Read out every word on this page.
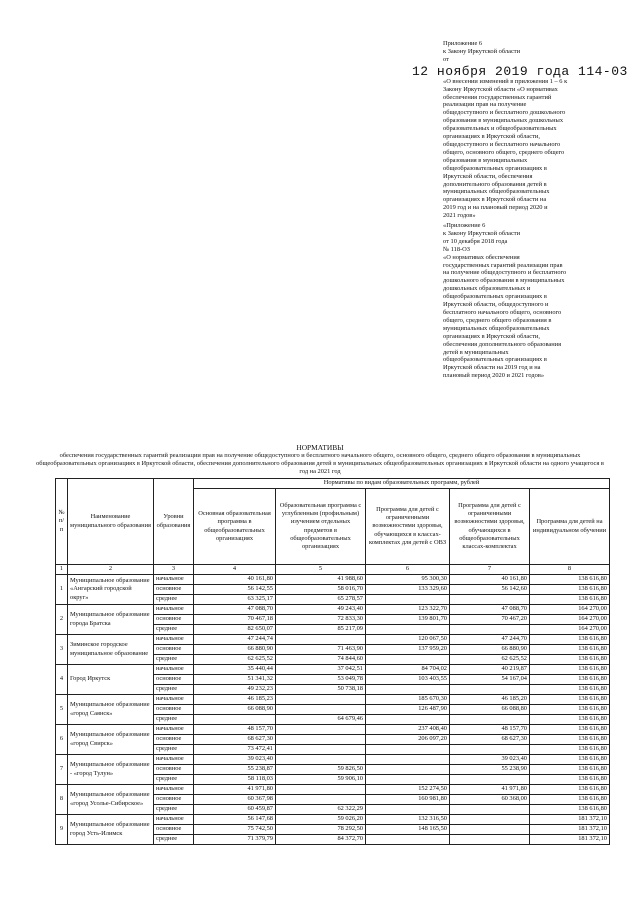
Приложение 6
к Закону Иркутской области
от
«О внесении изменений в приложения 1 – 6 к
Закону Иркутской области «О нормативах
обеспечения государственных гарантий
реализации прав на получение
общедоступного и бесплатного дошкольного
образования в муниципальных дошкольных
образовательных и общеобразовательных
организациях в Иркутской области,
общедоступного и бесплатного начального
общего, основного общего, среднего общего
образования в муниципальных
общеобразовательных организациях в
Иркутской области, обеспечения
дополнительного образования детей в
муниципальных общеобразовательных
организациях в Иркутской области на
2019 год и на плановый период 2020 и
2021 годов»
12 ноября 2019 года 114-03
«Приложение 6
к Закону Иркутской области
от 10 декабря 2018 года
№ 118-ОЗ
«О нормативах обеспечения
государственных гарантий реализации прав
на получение общедоступного и бесплатного
дошкольного образования в муниципальных
дошкольных образовательных и
общеобразовательных организациях в
Иркутской области, общедоступного и
бесплатного начального общего, основного
общего, среднего общего образования в
муниципальных общеобразовательных
организациях в Иркутской области,
обеспечения дополнительного образования
детей в муниципальных
общеобразовательных организациях в
Иркутской области на 2019 год и на
плановый период 2020 и 2021 годов»
НОРМАТИВЫ
обеспечения государственных гарантий реализации прав на получение общедоступного и бесплатного начального общего, основного общего, среднего общего образования в муниципальных общеобразовательных организациях в Иркутской области, обеспечения дополнительного образования детей в муниципальных общеобразовательных организациях в Иркутской области на одного учащегося в год на 2021 год
№ п/п	Наименование муниципального образования	Уровни образования	Нормативы по видам образовательных программ, рублей				
			Основная образовательная программа в общеобразовательных организациях	Образовательная программа с углубленным (профильным) изучением отдельных предметов в общеобразовательных организациях	Программа для детей с ограниченными возможностями здоровья, обучающихся в классах-комплектах для детей с ОВЗ	Программа для детей с ограниченными возможностями здоровья, обучающихся в общеобразовательных классах-комплектах	Программа для детей на индивидуальном обучении
1	2	3	4	5	6	7	8
1	Муниципальное образование «Ангарский городской округ»	начальное	40 161,80	41 988,60	95 300,30	40 161,80	138 616,80
		основное	56 142,55	58 016,70	133 329,60	56 142,60	138 616,80
		среднее	63 325,17	65 278,57			138 616,80
2	Муниципальное образование города Братска	начальное	47 088,70	49 243,40	123 322,70	47 088,70	164 270,00
		основное	70 467,18	72 833,30	139 801,70	70 467,20	164 270,00
		среднее	82 650,07	85 217,09			164 270,00
3	Зиминское городское муниципальное образование	начальное	47 244,74		120 067,50	47 244,70	138 616,80
		основное	66 880,90	71 463,90	137 959,20	66 880,90	138 616,80
		среднее	62 625,52	74 844,60		62 625,52	138 616,80
4	Город Иркутск	начальное	35 440,44	37 042,51	84 704,02	40 219,87	138 616,80
		основное	51 341,32	53 049,78	103 403,55	54 167,04	138 616,80
		среднее	49 232,23	50 738,18			138 616,80
5	Муниципальное образование «город Саянск»	начальное	46 185,23		185 670,30	46 185,20	138 616,80
		основное	66 088,90		126 487,90	66 088,80	138 616,80
		среднее		64 679,46			138 616,80
6	Муниципальное образование «город Свирск»	начальное	48 157,70		237 408,40	48 157,70	138 616,80
		основное	68 627,30		206 097,20	68 627,30	138 616,80
		среднее	73 472,41				138 616,80
7	Муниципальное образование - «город Тулун»	начальное	39 023,40			39 023,40	138 616,80
		основное	55 238,87	59 826,50		55 238,90	138 616,80
		среднее	58 118,03	59 906,10			138 616,80
8	Муниципальное образование «город Усолье-Сибирское»	начальное	41 971,80		152 274,50	41 971,80	138 616,80
		основное	60 367,98		160 981,80	60 368,00	138 616,80
		среднее	60 459,87	62 322,29			138 616,80
9	Муниципальное образование город Усть-Илимск	начальное	56 147,68	59 026,20	132 316,50		181 372,10
		основное	75 742,50	78 292,50	148 165,50		181 372,10
		среднее	71 379,79	84 372,70			181 372,10
